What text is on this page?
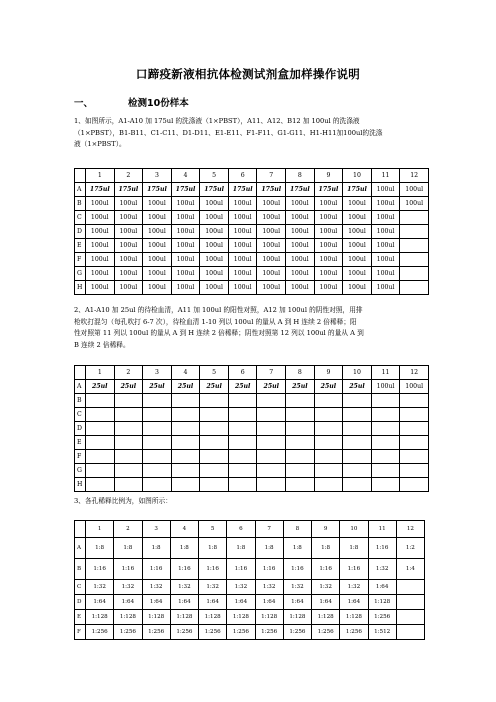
口蹄疫新液相抗体检测试剂盒加样操作说明
一、	检测10份样本
1、如图所示，A1-A10 加 175ul 的洗涤液（1×PBST），A11、A12、B12 加 100ul 的洗涤液
（1×PBST），B1-B11、C1-C11、D1-D11、E1-E11、F1-F11、G1-G11、H1-H11加100ul的洗涤
液（1×PBST）。
	1	2	3	4	5	6	7	8	9	10	11	12
A	175ul	175ul	175ul	175ul	175ul	175ul	175ul	175ul	175ul	175ul	100ul	100ul
B	100ul	100ul	100ul	100ul	100ul	100ul	100ul	100ul	100ul	100ul	100ul	100ul
C	100ul	100ul	100ul	100ul	100ul	100ul	100ul	100ul	100ul	100ul	100ul	
D	100ul	100ul	100ul	100ul	100ul	100ul	100ul	100ul	100ul	100ul	100ul	
E	100ul	100ul	100ul	100ul	100ul	100ul	100ul	100ul	100ul	100ul	100ul	
F	100ul	100ul	100ul	100ul	100ul	100ul	100ul	100ul	100ul	100ul	100ul	
G	100ul	100ul	100ul	100ul	100ul	100ul	100ul	100ul	100ul	100ul	100ul	
H	100ul	100ul	100ul	100ul	100ul	100ul	100ul	100ul	100ul	100ul	100ul	
2、A1-A10 加 25ul 的待检血清，A11 加 100ul 的阳性对照，A12 加 100ul 的阴性对照，用排
枪吹打混匀（每孔吹打 6-7 次），待检血清 1-10 列以 100ul 的量从 A 到 H 连续 2 倍稀释；阳
性对照第 11 列以 100ul 的量从 A 到 H 连续 2 倍稀释；阴性对照第 12 列以 100ul 的量从 A 到
B 连续 2 倍稀释。
	1	2	3	4	5	6	7	8	9	10	11	12
A	25ul	25ul	25ul	25ul	25ul	25ul	25ul	25ul	25ul	25ul	100ul	100ul
B												
C												
D												
E												
F												
G												
H												
3、各孔稀释比例为，如图所示：
	1	2	3	4	5	6	7	8	9	10	11	12
A	1:8	1:8	1:8	1:8	1:8	1:8	1:8	1:8	1:8	1:8	1:16	1:2
B	1:16	1:16	1:16	1:16	1:16	1:16	1:16	1:16	1:16	1:16	1:32	1:4
C	1:32	1:32	1:32	1:32	1:32	1:32	1:32	1:32	1:32	1:32	1:64	
D	1:64	1:64	1:64	1:64	1:64	1:64	1:64	1:64	1:64	1:64	1:128	
E	1:128	1:128	1:128	1:128	1:128	1:128	1:128	1:128	1:128	1:128	1:256	
F	1:256	1:256	1:256	1:256	1:256	1:256	1:256	1:256	1:256	1:256	1:512	
